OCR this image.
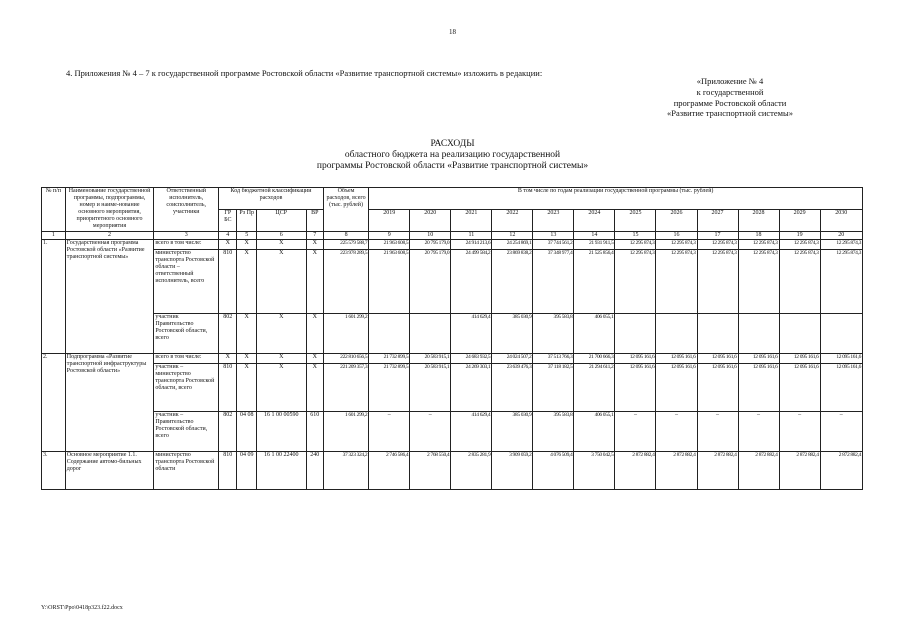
18
4. Приложения № 4 – 7 к государственной программе Ростовской области «Развитие транспортной системы» изложить в редакции:
«Приложение № 4
к государственной
программе Ростовской области
«Развитие транспортной системы»
РАСХОДЫ
областного бюджета на реализацию государственной
программы Ростовской области «Развитие транспортной системы»
№ п/п	Наименование государственной программы, подпрограммы, номер и наиме-нование основного мероприятия, приоритетного основного мероприятия	Ответственный исполнитель, соисполнитель, участники	Код бюджетной классификации расходов				Объем расходов, всего (тыс. рублей)	В том числе по годам реализации государственной программы (тыс. рублей)											
			ГР БС	Рз Пр	ЦСР	ВР		2019	2020	2021	2022	2023	2024	2025	2026	2027	2028	2029	2030
1	2	3	4	5	6	7	8	9	10	11	12	13	14	15	16	17	18	19	20
1.	Государственная программа Ростовской области «Развитие транспортной системы»	всего в том числе:	X	X	X	X	225 579 588,7	21 963 608,5	20 795 179,0	24 914 213,6	24 254 869,1	37 744 561,2	21 931 911,5	12 295 874,3	12 295 874,3	12 295 874,3	12 295 874,3	12 295 874,3	12 295 874,3
		министерство транспорта Ростовской области – ответственный исполнитель, всего	810	X	X	X	223 978 289,5	21 963 608,5	20 795 179,0	24 499 584,2	23 869 838,2	37 348 977,4	21 525 856,4	12 295 874,3	12 295 874,3	12 295 874,3	12 295 874,3	12 295 874,3	12 295 874,3
		участник Правительство Ростовской области, всего	802	X	X	X	1 601 299,2			414 629,4	385 030,9	395 583,8	406 055,1						
2.	Подпрограмма «Развитие транспортной инфраструктуры Ростовской области»	всего в том числе:	X	X	X	X	222 810 656,5	21 732 899,5	20 583 915,1	24 683 932,5	24 024 507,2	37 513 766,3	21 700 666,3	12 095 161,6	12 095 161,6	12 095 161,6	12 095 161,6	12 095 161,6	12 095 161,6
		участник – министерство транспорта Ростовской области, всего	810	X	X	X	221 209 357,3	21 732 899,5	20 583 915,1	24 269 303,1	23 639 476,3	37 118 182,5	21 294 611,2	12 095 161,6	12 095 161,6	12 095 161,6	12 095 161,6	12 095 161,6	12 095 161,6
		участник – Правительство Ростовской области, всего	802	04 08	16 1 00 00590	610	1 601 299,2	–	–	414 629,4	385 030,9	395 583,8	406 055,1	–	–	–	–	–	–
3.	Основное мероприятие 1.1. Содержание автомо-бильных дорог	министерство транспорта Ростовской области	810	04 09	16 1 00 22400	240	37 323 324,2	2 746 586,4	2 768 550,4	2 835 281,9	3 909 059,2	4 076 509,4	3 750 042,5	2 872 882,4	2 872 882,4	2 872 882,4	2 872 882,4	2 872 882,4	2 872 882,4
Y:\ORST\Ppo\0418p323.f22.docx
